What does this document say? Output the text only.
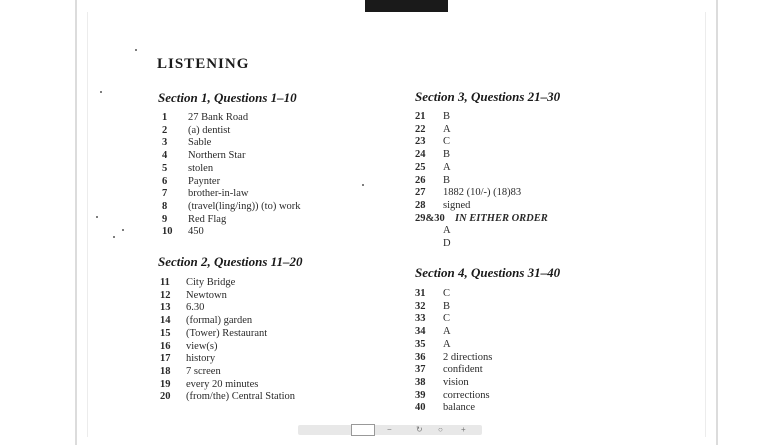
LISTENING
Section 1, Questions 1–10
1 27 Bank Road
2 (a) dentist
3 Sable
4 Northern Star
5 stolen
6 Paynter
7 brother-in-law
8 (travel(ling/ing)) (to) work
9 Red Flag
10 450
Section 2, Questions 11–20
11 City Bridge
12 Newtown
13 6.30
14 (formal) garden
15 (Tower) Restaurant
16 view(s)
17 history
18 7 screen
19 every 20 minutes
20 (from/the) Central Station
Section 3, Questions 21–30
21 B
22 A
23 C
24 B
25 A
26 B
27 1882 (10/-) (18)83
28 signed
29&30 IN EITHER ORDER
A
D
Section 4, Questions 31–40
31 C
32 B
33 C
34 A
35 A
36 2 directions
37 confident
38 vision
39 corrections
40 balance
−	↻ ○ +
